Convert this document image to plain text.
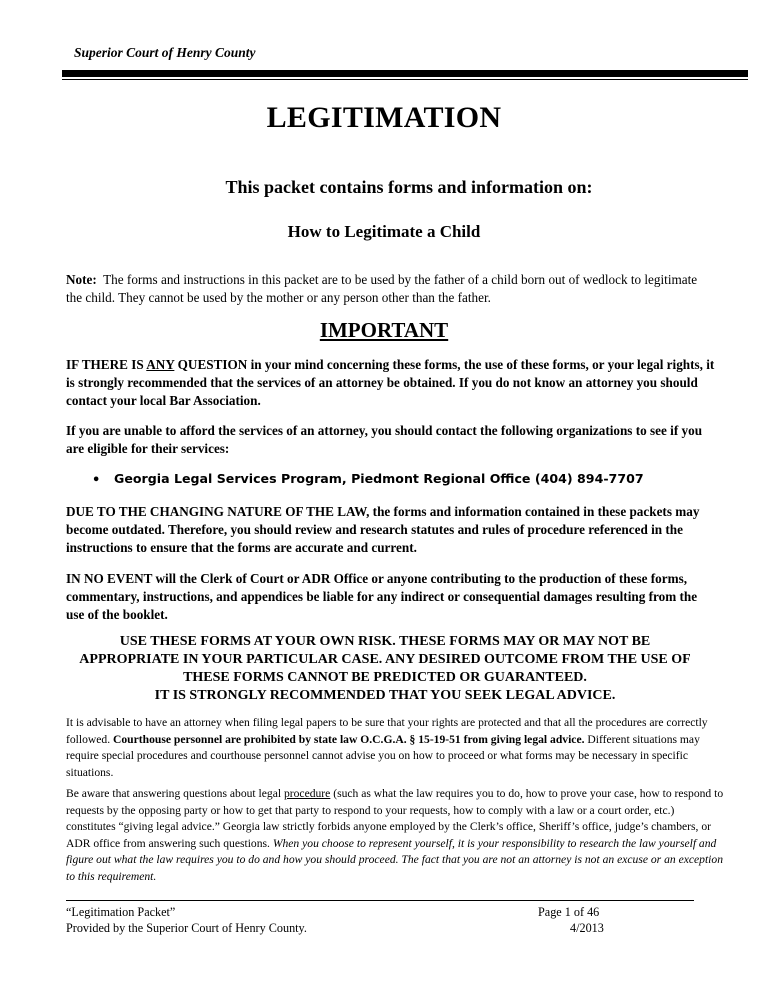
Superior Court of Henry County
LEGITIMATION
This packet contains forms and information on:
How to Legitimate a Child
Note: The forms and instructions in this packet are to be used by the father of a child born out of wedlock to legitimate the child. They cannot be used by the mother or any person other than the father.
IMPORTANT
IF THERE IS ANY QUESTION in your mind concerning these forms, the use of these forms, or your legal rights, it is strongly recommended that the services of an attorney be obtained. If you do not know an attorney you should contact your local Bar Association.
If you are unable to afford the services of an attorney, you should contact the following organizations to see if you are eligible for their services:
• Georgia Legal Services Program, Piedmont Regional Office (404) 894-7707
DUE TO THE CHANGING NATURE OF THE LAW, the forms and information contained in these packets may become outdated. Therefore, you should review and research statutes and rules of procedure referenced in the instructions to ensure that the forms are accurate and current.
IN NO EVENT will the Clerk of Court or ADR Office or anyone contributing to the production of these forms, commentary, instructions, and appendices be liable for any indirect or consequential damages resulting from the use of the booklet.
USE THESE FORMS AT YOUR OWN RISK. THESE FORMS MAY OR MAY NOT BE
APPROPRIATE IN YOUR PARTICULAR CASE. ANY DESIRED OUTCOME FROM THE USE OF
THESE FORMS CANNOT BE PREDICTED OR GUARANTEED.
IT IS STRONGLY RECOMMENDED THAT YOU SEEK LEGAL ADVICE.
It is advisable to have an attorney when filing legal papers to be sure that your rights are protected and that all the procedures are correctly followed. Courthouse personnel are prohibited by state law O.C.G.A. § 15-19-51 from giving legal advice. Different situations may require special procedures and courthouse personnel cannot advise you on how to proceed or what forms may be necessary in specific situations.
Be aware that answering questions about legal procedure (such as what the law requires you to do, how to prove your case, how to respond to requests by the opposing party or how to get that party to respond to your requests, how to comply with a law or a court order, etc.) constitutes “giving legal advice.” Georgia law strictly forbids anyone employed by the Clerk’s office, Sheriff’s office, judge’s chambers, or ADR office from answering such questions. When you choose to represent yourself, it is your responsibility to research the law yourself and figure out what the law requires you to do and how you should proceed. The fact that you are not an attorney is not an excuse or an exception to this requirement.
“Legitimation Packet”
Provided by the Superior Court of Henry County.
Page 1 of 46
4/2013
